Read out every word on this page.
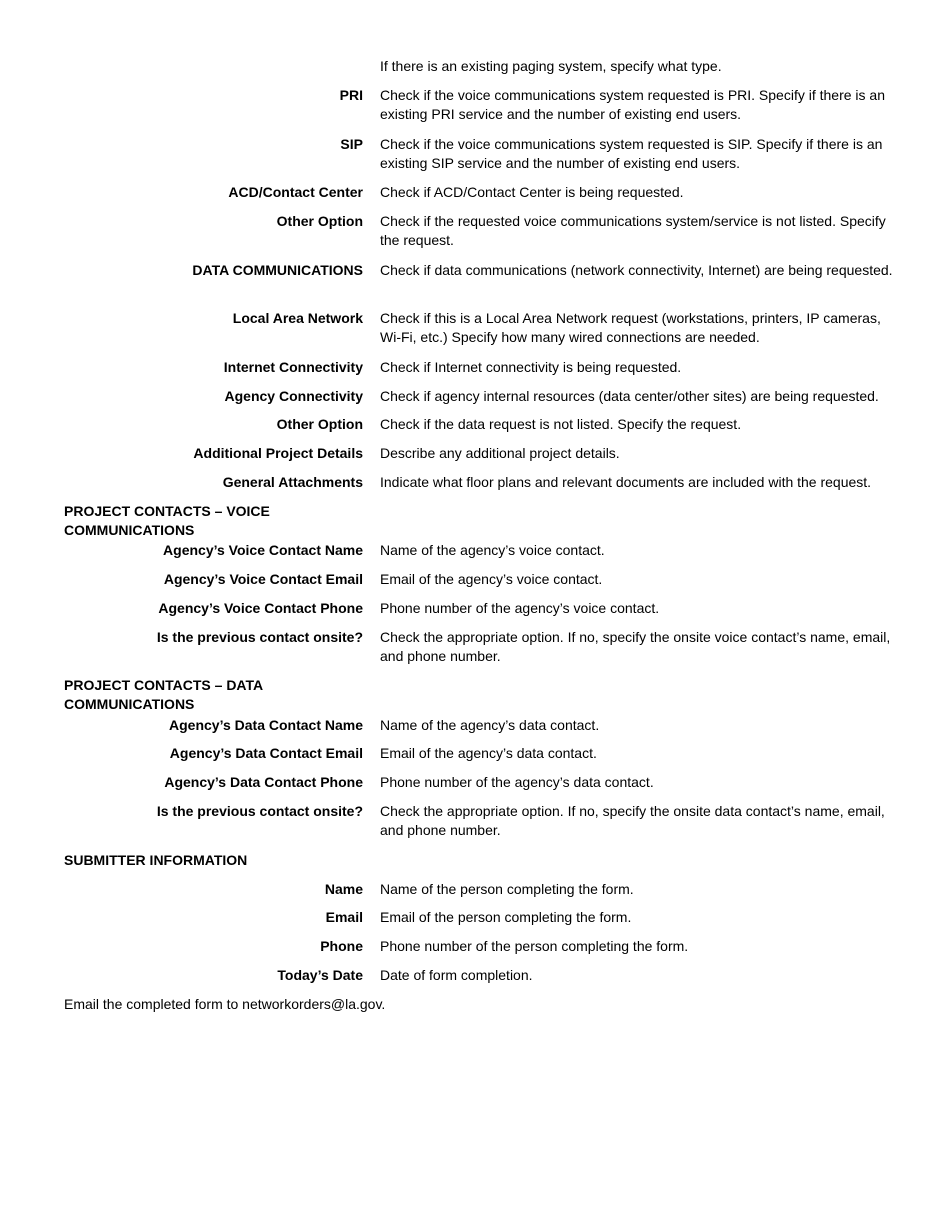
If there is an existing paging system, specify what type.
PRI Check if the voice communications system requested is PRI. Specify if there is an existing PRI service and the number of existing end users.
SIP Check if the voice communications system requested is SIP. Specify if there is an existing SIP service and the number of existing end users.
ACD/Contact Center Check if ACD/Contact Center is being requested.
Other Option Check if the requested voice communications system/service is not listed. Specify the request.
DATA COMMUNICATIONS Check if data communications (network connectivity, Internet) are being requested.
Local Area Network Check if this is a Local Area Network request (workstations, printers, IP cameras, Wi-Fi, etc.) Specify how many wired connections are needed.
Internet Connectivity Check if Internet connectivity is being requested.
Agency Connectivity Check if agency internal resources (data center/other sites) are being requested.
Other Option Check if the data request is not listed. Specify the request.
Additional Project Details Describe any additional project details.
General Attachments Indicate what floor plans and relevant documents are included with the request.
PROJECT CONTACTS – VOICE COMMUNICATIONS
Agency’s Voice Contact Name Name of the agency’s voice contact.
Agency’s Voice Contact Email Email of the agency’s voice contact.
Agency’s Voice Contact Phone Phone number of the agency’s voice contact.
Is the previous contact onsite? Check the appropriate option. If no, specify the onsite voice contact’s name, email, and phone number.
PROJECT CONTACTS – DATA COMMUNICATIONS
Agency’s Data Contact Name Name of the agency’s data contact.
Agency’s Data Contact Email Email of the agency’s data contact.
Agency’s Data Contact Phone Phone number of the agency’s data contact.
Is the previous contact onsite? Check the appropriate option. If no, specify the onsite data contact’s name, email, and phone number.
SUBMITTER INFORMATION
Name Name of the person completing the form.
Email Email of the person completing the form.
Phone Phone number of the person completing the form.
Today’s Date Date of form completion.
Email the completed form to networkorders@la.gov.
